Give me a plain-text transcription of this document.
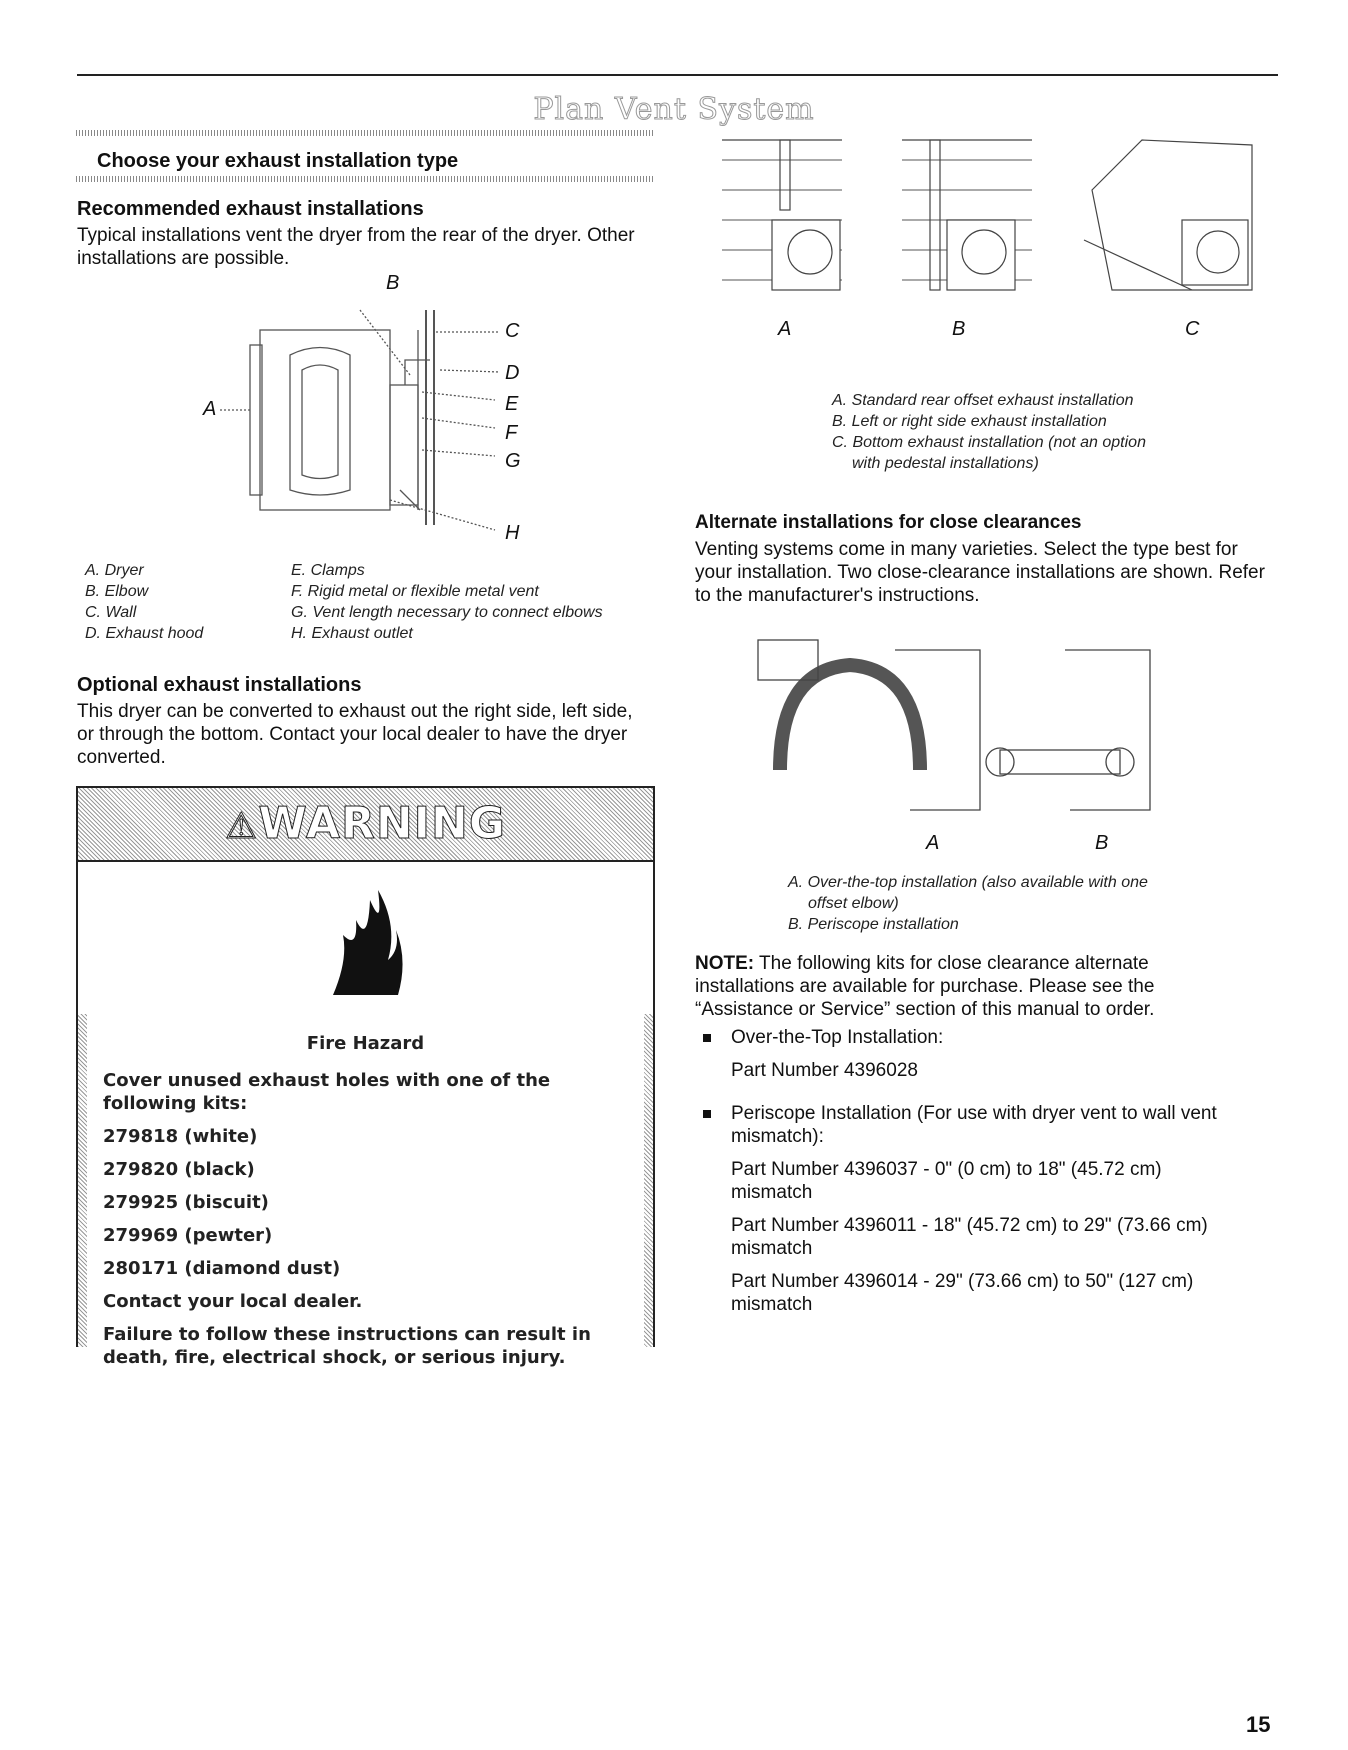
Plan Vent System
Choose your exhaust installation type
Recommended exhaust installations

Typical installations vent the dryer from the rear of the dryer. Other installations are possible.

B
C
D
E
F
G
H
A
A. Dryer
B. Elbow
C. Wall
D. Exhaust hood
E. Clamps
F. Rigid metal or flexible metal vent
G. Vent length necessary to connect elbows
H. Exhaust outlet
Optional exhaust installations

This dryer can be converted to exhaust out the right side, left side, or through the bottom. Contact your local dealer to have the dryer converted.

⚠WARNING
Fire Hazard
Cover unused exhaust holes with one of the following kits:
279818 (white)
279820 (black)
279925 (biscuit)
279969 (pewter)
280171 (diamond dust)
Contact your local dealer.
Failure to follow these instructions can result in death, fire, electrical shock, or serious injury.
A	B	C
A. Standard rear offset exhaust installation
B. Left or right side exhaust installation
C. Bottom exhaust installation (not an option
with pedestal installations)
Alternate installations for close clearances

Venting systems come in many varieties. Select the type best for your installation. Two close-clearance installations are shown. Refer to the manufacturer's instructions.

A	B
A. Over-the-top installation (also available with one
offset elbow)
B. Periscope installation

NOTE: The following kits for close clearance alternate installations are available for purchase. Please see the “Assistance or Service” section of this manual to order.

Over-the-Top Installation:
Part Number 4396028
Periscope Installation (For use with dryer vent to wall vent mismatch):
Part Number 4396037 - 0" (0 cm) to 18" (45.72 cm) mismatch
Part Number 4396011 - 18" (45.72 cm) to 29" (73.66 cm) mismatch
Part Number 4396014 - 29" (73.66 cm) to 50" (127 cm) mismatch
15
